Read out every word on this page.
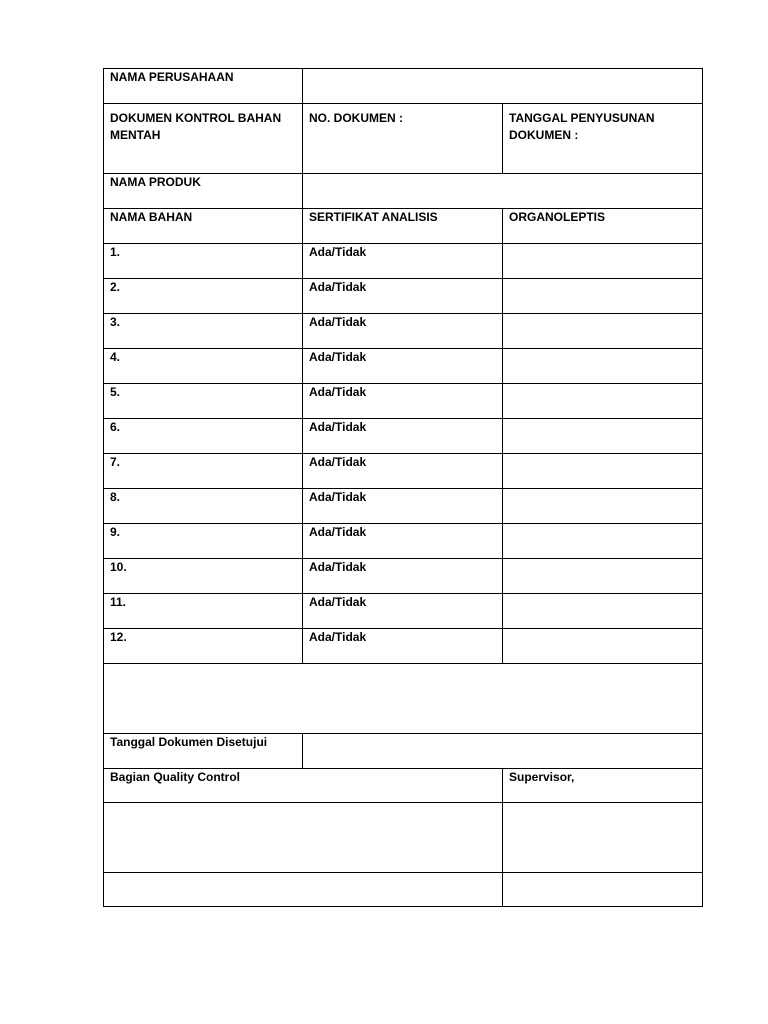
NAMA PERUSAHAAN		
DOKUMEN KONTROL BAHAN MENTAH	NO. DOKUMEN :	TANGGAL PENYUSUNAN DOKUMEN :
NAMA PRODUK		
NAMA BAHAN	SERTIFIKAT ANALISIS	ORGANOLEPTIS
1.	Ada/Tidak	
2.	Ada/Tidak	
3.	Ada/Tidak	
4.	Ada/Tidak	
5.	Ada/Tidak	
6.	Ada/Tidak	
7.	Ada/Tidak	
8.	Ada/Tidak	
9.	Ada/Tidak	
10.	Ada/Tidak	
11.	Ada/Tidak	
12.	Ada/Tidak	

Tanggal Dokumen Disetujui		
Bagian Quality Control		Supervisor,
